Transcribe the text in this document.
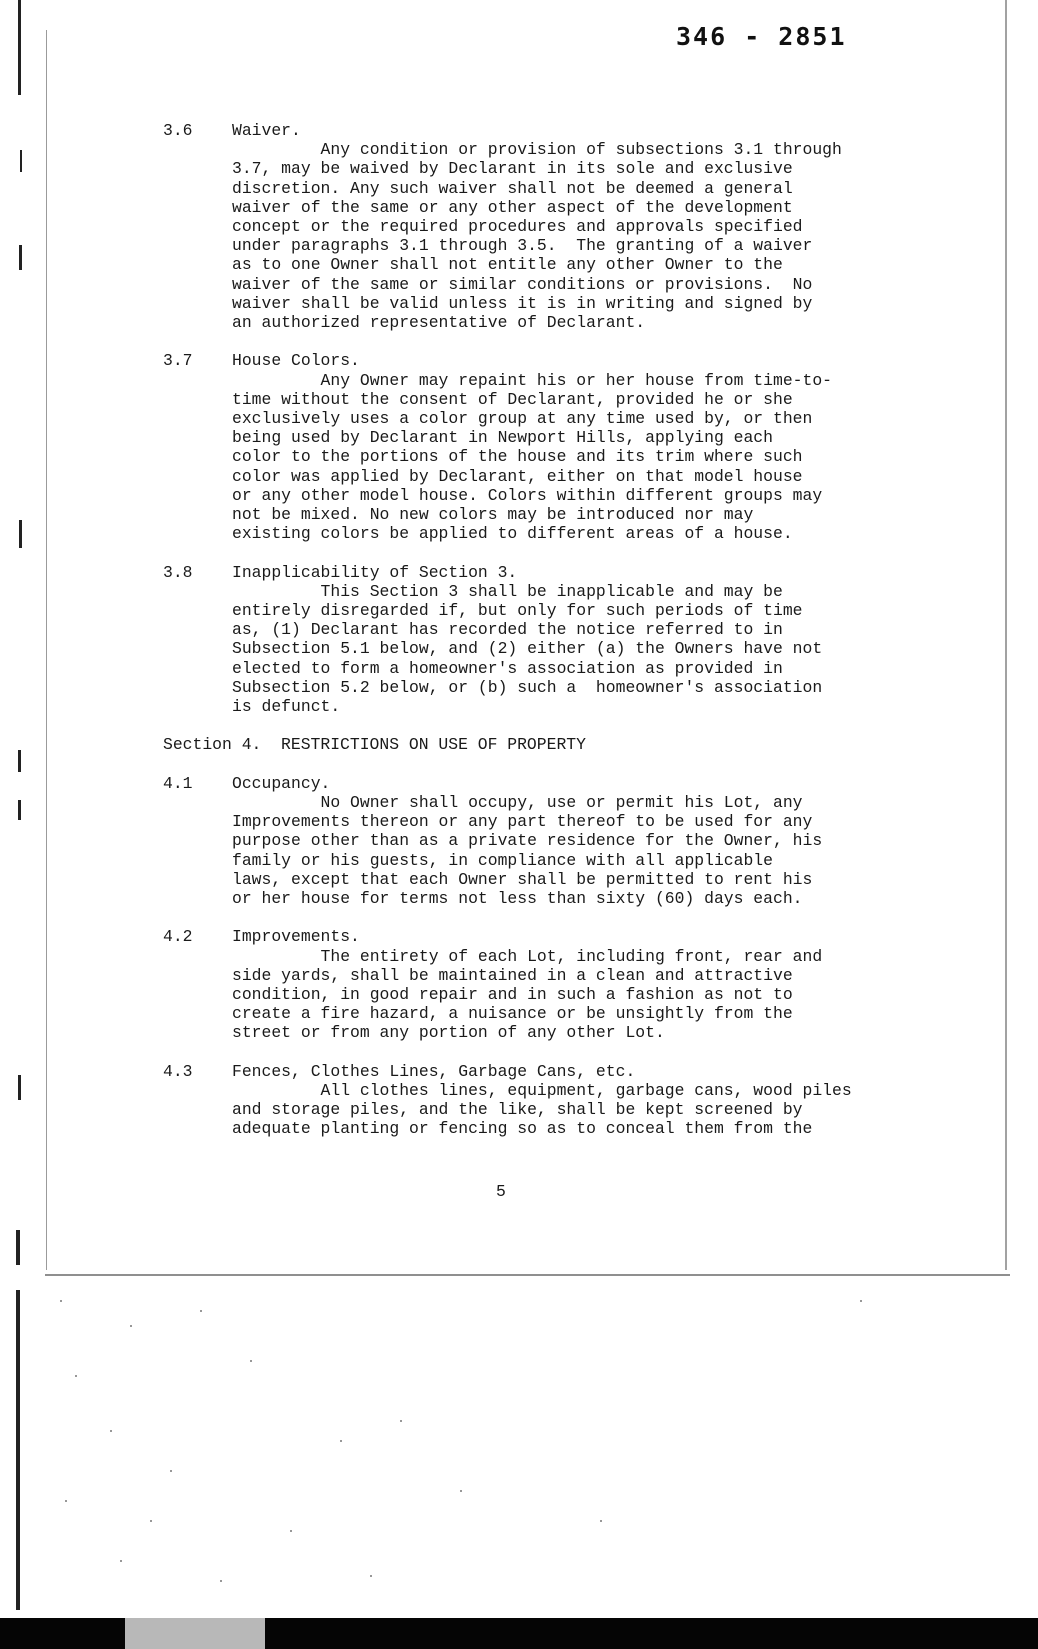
346 - 2851
3.6	Waiver.

Any condition or provision of subsections 3.1 through

3.7, may be waived by Declarant in its sole and exclusive

discretion. Any such waiver shall not be deemed a general

waiver of the same or any other aspect of the development

concept or the required procedures and approvals specified

under paragraphs 3.1 through 3.5.  The granting of a waiver

as to one Owner shall not entitle any other Owner to the

waiver of the same or similar conditions or provisions.  No

waiver shall be valid unless it is in writing and signed by

an authorized representative of Declarant.

3.7	House Colors.

Any Owner may repaint his or her house from time-to-

time without the consent of Declarant, provided he or she

exclusively uses a color group at any time used by, or then

being used by Declarant in Newport Hills, applying each

color to the portions of the house and its trim where such

color was applied by Declarant, either on that model house

or any other model house. Colors within different groups may

not be mixed. No new colors may be introduced nor may

existing colors be applied to different areas of a house.

3.8	Inapplicability of Section 3.

This Section 3 shall be inapplicable and may be

entirely disregarded if, but only for such periods of time

as, (1) Declarant has recorded the notice referred to in

Subsection 5.1 below, and (2) either (a) the Owners have not

elected to form a homeowner's association as provided in

Subsection 5.2 below, or (b) such a  homeowner's association

is defunct.

Section 4.  RESTRICTIONS ON USE OF PROPERTY
4.1	Occupancy.

No Owner shall occupy, use or permit his Lot, any

Improvements thereon or any part thereof to be used for any

purpose other than as a private residence for the Owner, his

family or his guests, in compliance with all applicable

laws, except that each Owner shall be permitted to rent his

or her house for terms not less than sixty (60) days each.

4.2	Improvements.

The entirety of each Lot, including front, rear and

side yards, shall be maintained in a clean and attractive

condition, in good repair and in such a fashion as not to

create a fire hazard, a nuisance or be unsightly from the

street or from any portion of any other Lot.

4.3	Fences, Clothes Lines, Garbage Cans, etc.

All clothes lines, equipment, garbage cans, wood piles

and storage piles, and the like, shall be kept screened by

adequate planting or fencing so as to conceal them from the

5
